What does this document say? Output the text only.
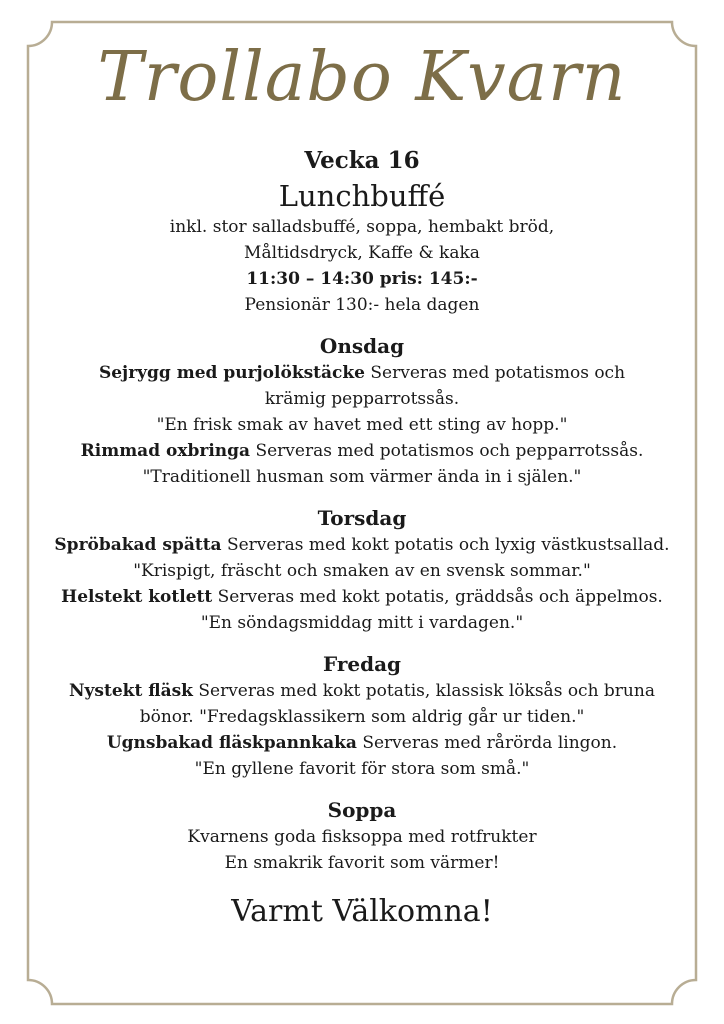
Trollabo Kvarn
Vecka 16
Lunchbuffé
inkl. stor salladsbuffé, soppa, hembakt bröd,
Måltidsdryck, Kaffe & kaka
11:30 – 14:30 pris: 145:-
Pensionär 130:- hela dagen
Onsdag
Sejrygg med purjolökstäcke Serveras med potatismos och krämig pepparrotssås.
"En frisk smak av havet med ett sting av hopp."
Rimmad oxbringa Serveras med potatismos och pepparrotssås.
"Traditionell husman som värmer ända in i själen."
Torsdag
Spröbakad spätta Serveras med kokt potatis och lyxig västkustsallad. "Krispigt, fräscht och smaken av en svensk sommar."
Helstekt kotlett Serveras med kokt potatis, gräddsås och äppelmos.
"En söndagsmiddag mitt i vardagen."
Fredag
Nystekt fläsk Serveras med kokt potatis, klassisk löksås och bruna bönor. "Fredagsklassikern som aldrig går ur tiden."
Ugnsbakad fläskpannkaka Serveras med rårörda lingon.
"En gyllene favorit för stora som små."
Soppa
Kvarnens goda fisksoppa med rotfrukter
En smakrik favorit som värmer!
Varmt Välkomna!
